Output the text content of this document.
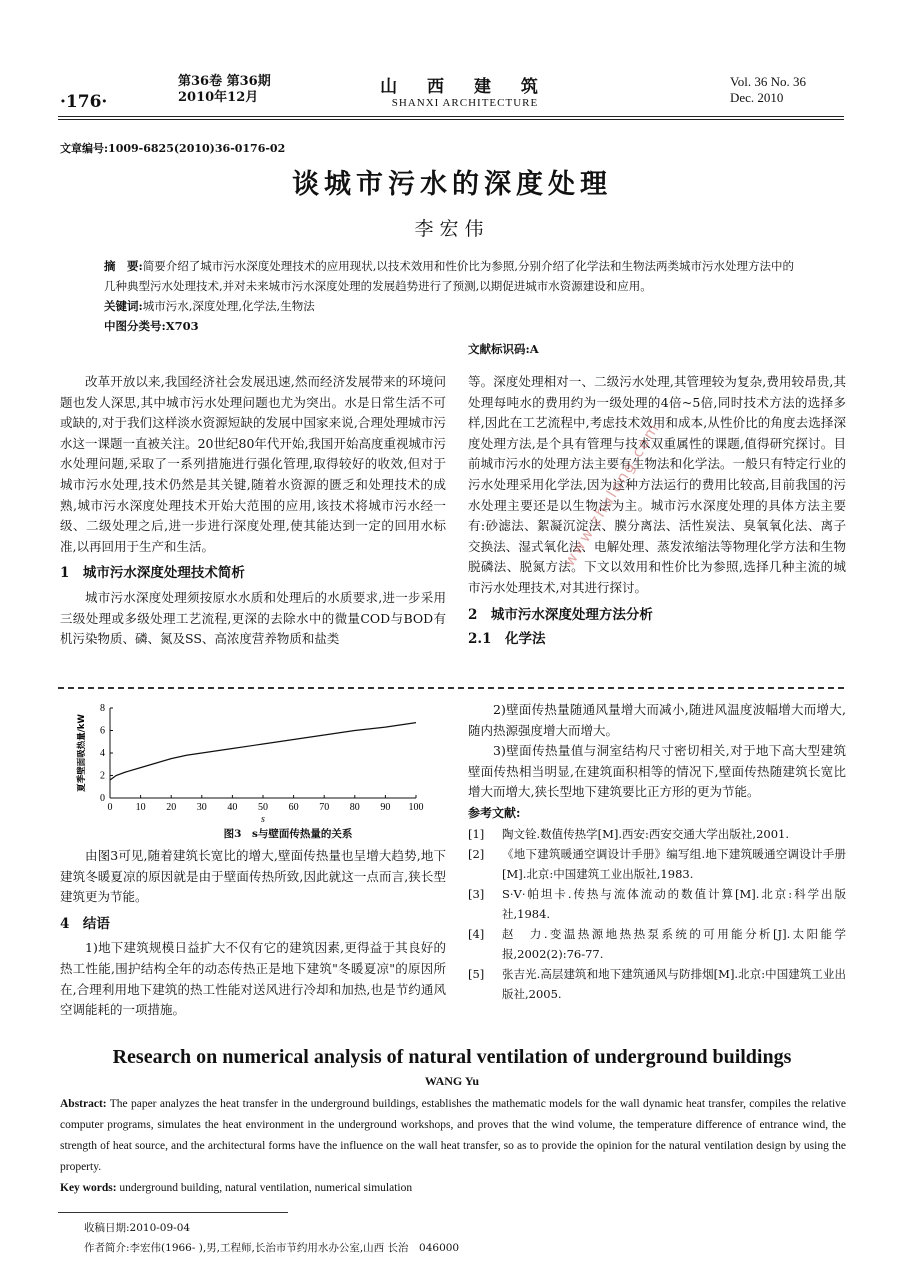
·176·
第36卷 第36期
2010年12月
山 西 建 筑
SHANXI ARCHITECTURE
Vol. 36 No. 36
Dec. 2010
文章编号:1009-6825(2010)36-0176-02
谈城市污水的深度处理
李宏伟
摘　要:简要介绍了城市污水深度处理技术的应用现状,以技术效用和性价比为参照,分别介绍了化学法和生物法两类城市污水处理方法中的几种典型污水处理技术,并对未来城市污水深度处理的发展趋势进行了预测,以期促进城市水资源建设和应用。
关键词:城市污水,深度处理,化学法,生物法
中图分类号:X703
文献标识码:A

改革开放以来,我国经济社会发展迅速,然而经济发展带来的环境问题也发人深思,其中城市污水处理问题也尤为突出。水是日常生活不可或缺的,对于我们这样淡水资源短缺的发展中国家来说,合理处理城市污水这一课题一直被关注。20世纪80年代开始,我国开始高度重视城市污水处理问题,采取了一系列措施进行强化管理,取得较好的收效,但对于城市污水处理,技术仍然是其关键,随着水资源的匮乏和处理技术的成熟,城市污水深度处理技术开始大范围的应用,该技术将城市污水经一级、二级处理之后,进一步进行深度处理,使其能达到一定的回用水标准,以再回用于生产和生活。

1　城市污水深度处理技术简析

城市污水深度处理须按原水水质和处理后的水质要求,进一步采用三级处理或多级处理工艺流程,更深的去除水中的微量COD与BOD有机污染物质、磷、氮及SS、高浓度营养物质和盐类

等。深度处理相对一、二级污水处理,其管理较为复杂,费用较昂贵,其处理每吨水的费用约为一级处理的4倍~5倍,同时技术方法的选择多样,因此在工艺流程中,考虑技术效用和成本,从性价比的角度去选择深度处理方法,是个具有管理与技术双重属性的课题,值得研究探讨。目前城市污水的处理方法主要有生物法和化学法。一般只有特定行业的污水处理采用化学法,因为这种方法运行的费用比较高,目前我国的污水处理主要还是以生物法为主。城市污水深度处理的具体方法主要有:砂滤法、絮凝沉淀法、膜分离法、活性炭法、臭氧氧化法、离子交换法、湿式氧化法、电解处理、蒸发浓缩法等物理化学方法和生物脱磷法、脱氮方法。下文以效用和性价比为参照,选择几种主流的城市污水处理技术,对其进行探讨。

2　城市污水深度处理方法分析
2.1　化学法
0 10 20 30 40 50 60 70 80 90 100
0
2
4
6
8
s
夏季壁面吸热量/kW
图3　s与壁面传热量的关系

由图3可见,随着建筑长宽比的增大,壁面传热量也呈增大趋势,地下建筑冬暖夏凉的原因就是由于壁面传热所致,因此就这一点而言,狭长型建筑更为节能。

4　结语

1)地下建筑规模日益扩大不仅有它的建筑因素,更得益于其良好的热工性能,围护结构全年的动态传热正是地下建筑"冬暖夏凉"的原因所在,合理利用地下建筑的热工性能对送风进行冷却和加热,也是节约通风空调能耗的一项措施。

2)壁面传热量随通风量增大而减小,随进风温度波幅增大而增大,随内热源强度增大而增大。

3)壁面传热量值与洞室结构尺寸密切相关,对于地下高大型建筑壁面传热相当明显,在建筑面积相等的情况下,壁面传热随建筑长宽比增大而增大,狭长型地下建筑要比正方形的更为节能。

参考文献:
[1]	陶文铨.数值传热学[M].西安:西安交通大学出版社,2001.
[2]	《地下建筑暖通空调设计手册》编写组.地下建筑暖通空调设计手册[M].北京:中国建筑工业出版社,1983.
[3]	S·V·帕坦卡.传热与流体流动的数值计算[M].北京:科学出版社,1984.
[4]	赵　力.变温热源地热热泵系统的可用能分析[J].太阳能学报,2002(2):76-77.
[5]	张吉光.高层建筑和地下建筑通风与防排烟[M].北京:中国建筑工业出版社,2005.
Research on numerical analysis of natural ventilation of underground buildings
WANG Yu
Abstract: The paper analyzes the heat transfer in the underground buildings, establishes the mathematic models for the wall dynamic heat transfer, compiles the relative computer programs, simulates the heat environment in the underground workshops, and proves that the wind volume, the temperature difference of entrance wind, the strength of heat source, and the architectural forms have the influence on the wall heat transfer, so as to provide the opinion for the natural ventilation design by using the property.
Key words: underground building, natural ventilation, numerical simulation
收稿日期:2010-09-04
作者简介:李宏伟(1966- ),男,工程师,长治市节约用水办公室,山西 长治　046000
www.zhulong.com
